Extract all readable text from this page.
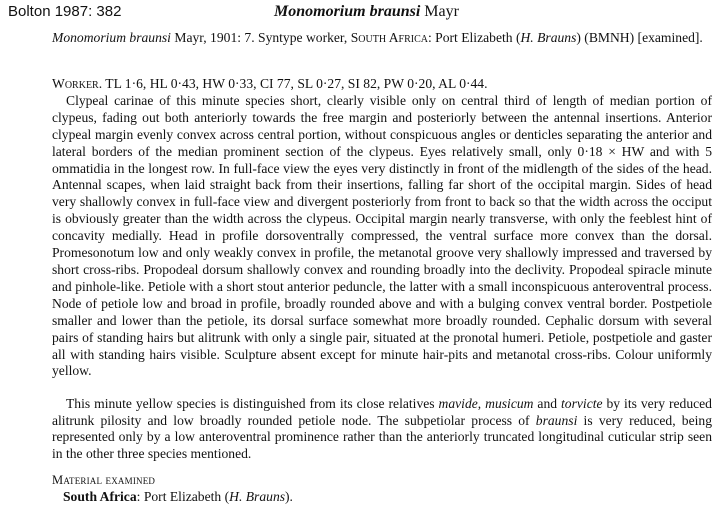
Bolton 1987: 382	Monomorium braunsi Mayr
Monomorium braunsi Mayr, 1901: 7. Syntype worker, South Africa: Port Elizabeth (H. Brauns) (BMNH) [examined].
Worker. TL 1·6, HL 0·43, HW 0·33, CI 77, SL 0·27, SI 82, PW 0·20, AL 0·44.
Clypeal carinae of this minute species short, clearly visible only on central third of length of median portion of clypeus, fading out both anteriorly towards the free margin and posteriorly between the antennal insertions. Anterior clypeal margin evenly convex across central portion, without conspicuous angles or denticles separating the anterior and lateral borders of the median prominent section of the clypeus. Eyes relatively small, only 0·18 × HW and with 5 ommatidia in the longest row. In full-face view the eyes very distinctly in front of the midlength of the sides of the head. Antennal scapes, when laid straight back from their insertions, falling far short of the occipital margin. Sides of head very shallowly convex in full-face view and divergent posteriorly from front to back so that the width across the occiput is obviously greater than the width across the clypeus. Occipital margin nearly transverse, with only the feeblest hint of concavity medially. Head in profile dorsoventrally compressed, the ventral surface more convex than the dorsal. Promesonotum low and only weakly convex in profile, the metanotal groove very shallowly impressed and traversed by short cross-ribs. Propodeal dorsum shallowly convex and rounding broadly into the declivity. Propodeal spiracle minute and pinhole-like. Petiole with a short stout anterior peduncle, the latter with a small inconspicuous anteroventral process. Node of petiole low and broad in profile, broadly rounded above and with a bulging convex ventral border. Postpetiole smaller and lower than the petiole, its dorsal surface somewhat more broadly rounded. Cephalic dorsum with several pairs of standing hairs but alitrunk with only a single pair, situated at the pronotal humeri. Petiole, postpetiole and gaster all with standing hairs visible. Sculpture absent except for minute hair-pits and metanotal cross-ribs. Colour uniformly yellow.
This minute yellow species is distinguished from its close relatives mavide, musicum and torvicte by its very reduced alitrunk pilosity and low broadly rounded petiole node. The subpetiolar process of braunsi is very reduced, being represented only by a low anteroventral prominence rather than the anteriorly truncated longitudinal cuticular strip seen in the other three species mentioned.
Material examined
South Africa: Port Elizabeth (H. Brauns).
